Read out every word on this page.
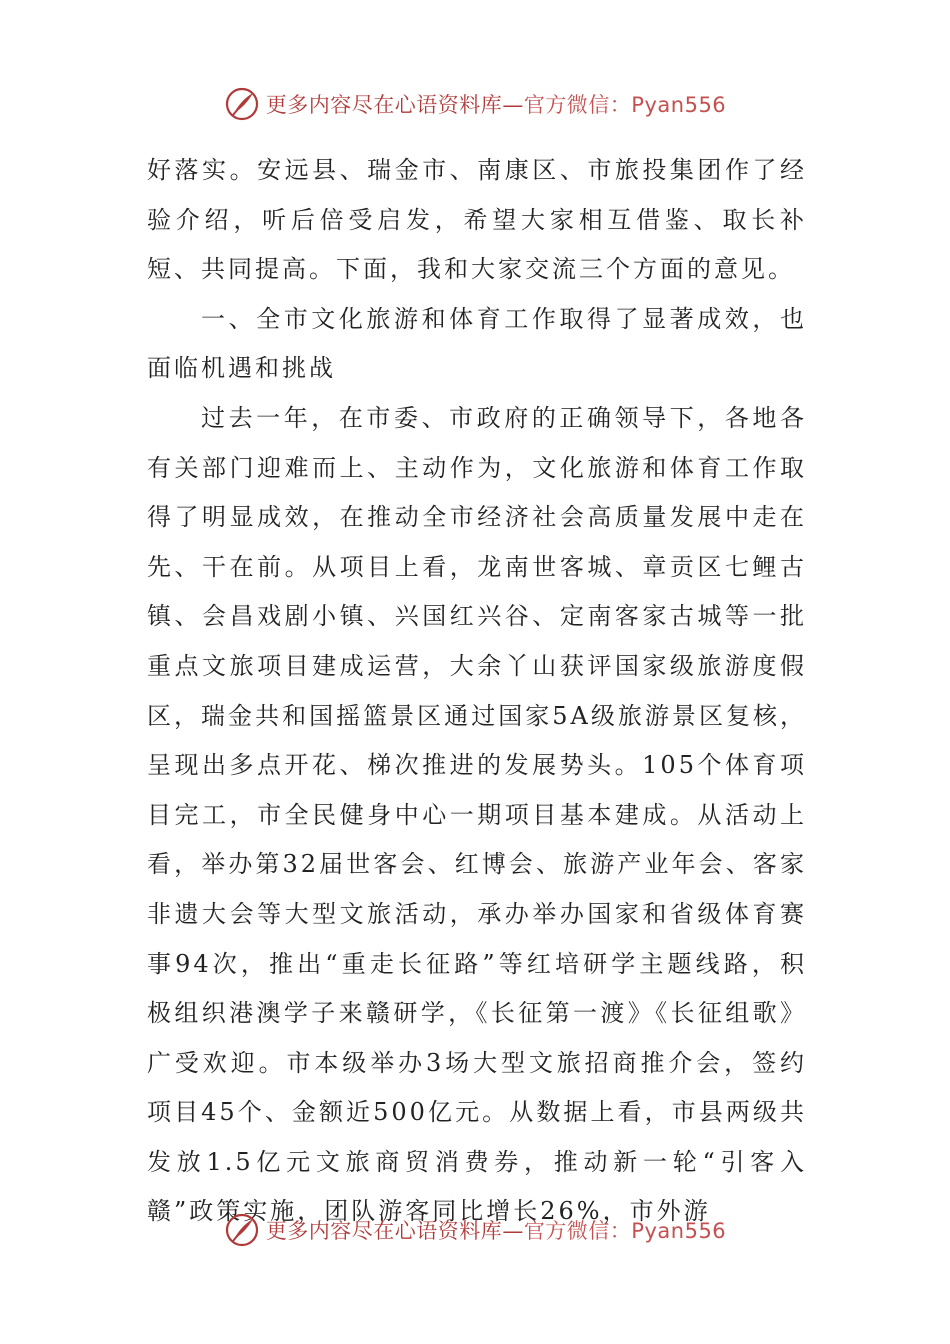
更多内容尽在心语资料库—官方微信：Pyan556

好落实。安远县、瑞金市、南康区、市旅投集团作了经验介绍，听后倍受启发，希望大家相互借鉴、取长补短、共同提高。下面，我和大家交流三个方面的意见。

一、全市文化旅游和体育工作取得了显著成效，也面临机遇和挑战

过去一年，在市委、市政府的正确领导下，各地各有关部门迎难而上、主动作为，文化旅游和体育工作取得了明显成效，在推动全市经济社会高质量发展中走在先、干在前。从项目上看，龙南世客城、章贡区七鲤古镇、会昌戏剧小镇、兴国红兴谷、定南客家古城等一批重点文旅项目建成运营，大余丫山获评国家级旅游度假区，瑞金共和国摇篮景区通过国家5A级旅游景区复核，呈现出多点开花、梯次推进的发展势头。105个体育项目完工，市全民健身中心一期项目基本建成。从活动上看，举办第32届世客会、红博会、旅游产业年会、客家非遗大会等大型文旅活动，承办举办国家和省级体育赛事94次，推出“重走长征路”等红培研学主题线路，积极组织港澳学子来赣研学，《长征第一渡》《长征组歌》广受欢迎。市本级举办3场大型文旅招商推介会，签约项目45个、金额近500亿元。从数据上看，市县两级共发放1.5亿元文旅商贸消费券，推动新一轮“引客入赣”政策实施，团队游客同比增长26%，市外游

更多内容尽在心语资料库—官方微信：Pyan556
